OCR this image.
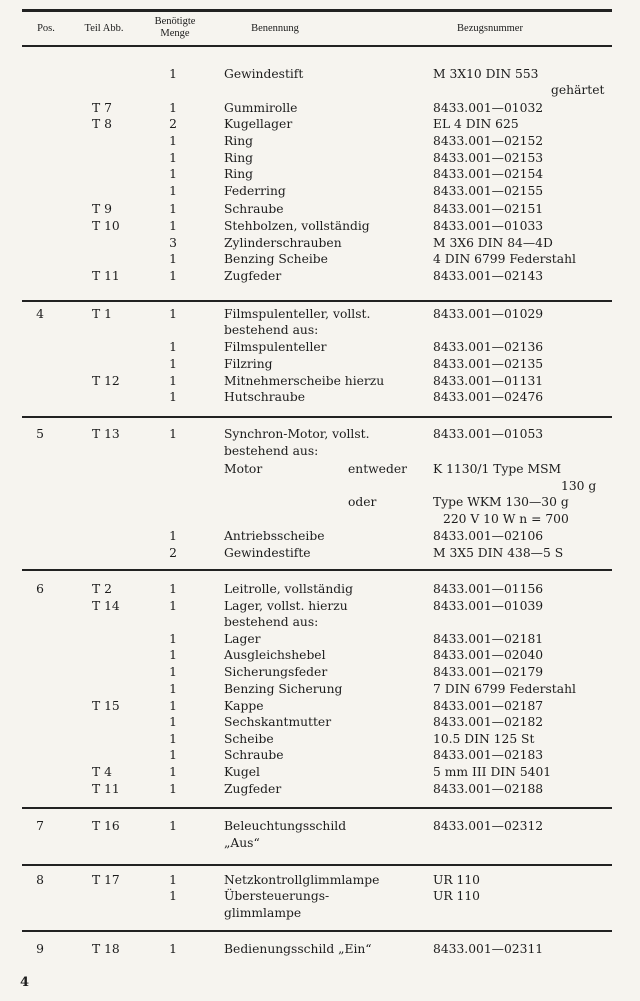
Pos.	Teil Abb.
Benötigte
Menge	Benennung	Bezugsnummer
1	Gewindestift	M 3X10 DIN 553
gehärtet
T 7	1	Gummirolle	8433.001—01032
T 8	2	Kugellager	EL 4 DIN 625
1	Ring	8433.001—02152
1	Ring	8433.001—02153
1	Ring	8433.001—02154
1	Federring	8433.001—02155
T 9	1	Schraube	8433.001—02151
T 10	1	Stehbolzen, vollständig	8433.001—01033
3	Zylinderschrauben	M 3X6 DIN 84—4D
1	Benzing Scheibe	4 DIN 6799 Federstahl
T 11	1	Zugfeder	8433.001—02143
4	T 1	1	Filmspulenteller, vollst.	8433.001—01029
bestehend aus:
1	Filmspulenteller	8433.001—02136
1	Filzring	8433.001—02135
T 12	1	Mitnehmerscheibe hierzu	8433.001—01131
1	Hutschraube	8433.001—02476
5	T 13	1	Synchron-Motor, vollst.	8433.001—01053
bestehend aus:
Motor	entweder K 1130/1 Type MSM
130 g
oder	Type WKM 130—30 g
220 V 10 W n = 700
1	Antriebsscheibe	8433.001—02106
2	Gewindestifte	M 3X5 DIN 438—5 S
6	T 2	1	Leitrolle, vollständig	8433.001—01156
T 14	1	Lager, vollst. hierzu	8433.001—01039
bestehend aus:
1	Lager	8433.001—02181
1	Ausgleichshebel	8433.001—02040
1	Sicherungsfeder	8433.001—02179
1	Benzing Sicherung	7 DIN 6799 Federstahl
T 15	1	Kappe	8433.001—02187
1	Sechskantmutter	8433.001—02182
1	Scheibe	10.5 DIN 125 St
1	Schraube	8433.001—02183
T 4	1	Kugel	5 mm III DIN 5401
T 11	1	Zugfeder	8433.001—02188
7	T 16	1	Beleuchtungsschild	8433.001—02312
„Aus“
8	T 17	1	Netzkontrollglimmlampe	UR 110
1	Übersteuerungs-	UR 110
glimmlampe
9	T 18	1	Bedienungsschild „Ein“	8433.001—02311
4
